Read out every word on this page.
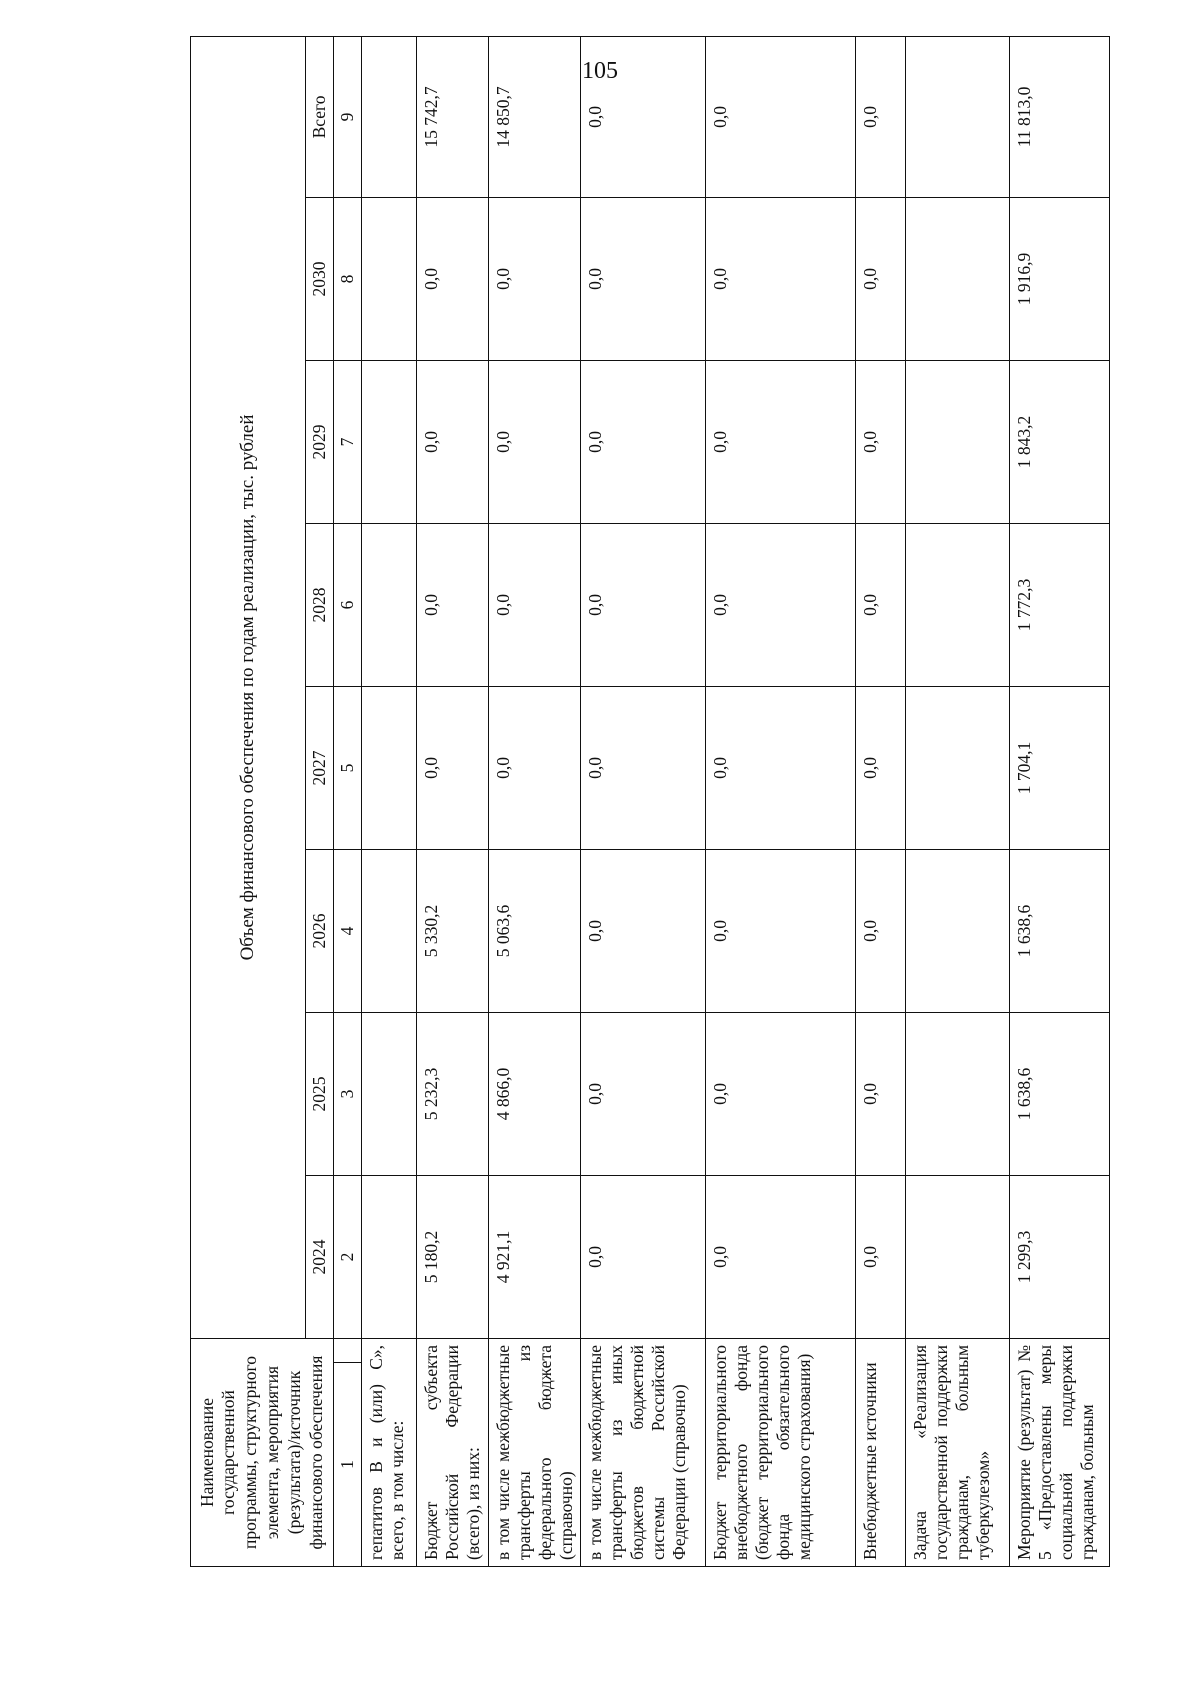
105
Наименование государственной программы, структурного элемента, мероприятия (результата)/источник финансового обеспечения		Объем финансового обеспечения по годам реализации, тыс. рублей							
		2024	2025	2026	2027	2028	2029	2030	Всего
1		2	3	4	5	6	7	8	9
гепатитов В и (или) С», всего, в том числе:									
Бюджет субъекта Российской Федерации (всего), из них:		5 180,2	5 232,3	5 330,2	0,0	0,0	0,0	0,0	15 742,7
в том числе межбюджетные трансферты из федерального бюджета (справочно)		4 921,1	4 866,0	5 063,6	0,0	0,0	0,0	0,0	14 850,7
в том числе межбюджетные трансферты из иных бюджетов бюджетной системы Российской Федерации (справочно)		0,0	0,0	0,0	0,0	0,0	0,0	0,0	0,0
Бюджет территориального внебюджетного фонда (бюджет территориального фонда обязательного медицинского страхования)		0,0	0,0	0,0	0,0	0,0	0,0	0,0	0,0
Внебюджетные источники		0,0	0,0	0,0	0,0	0,0	0,0	0,0	0,0
Задача «Реализация государственной поддержки гражданам, больным туберкулезом»									
Мероприятие (результат) № 5 «Предоставлены меры социальной поддержки гражданам, больным		1 299,3	1 638,6	1 638,6	1 704,1	1 772,3	1 843,2	1 916,9	11 813,0
